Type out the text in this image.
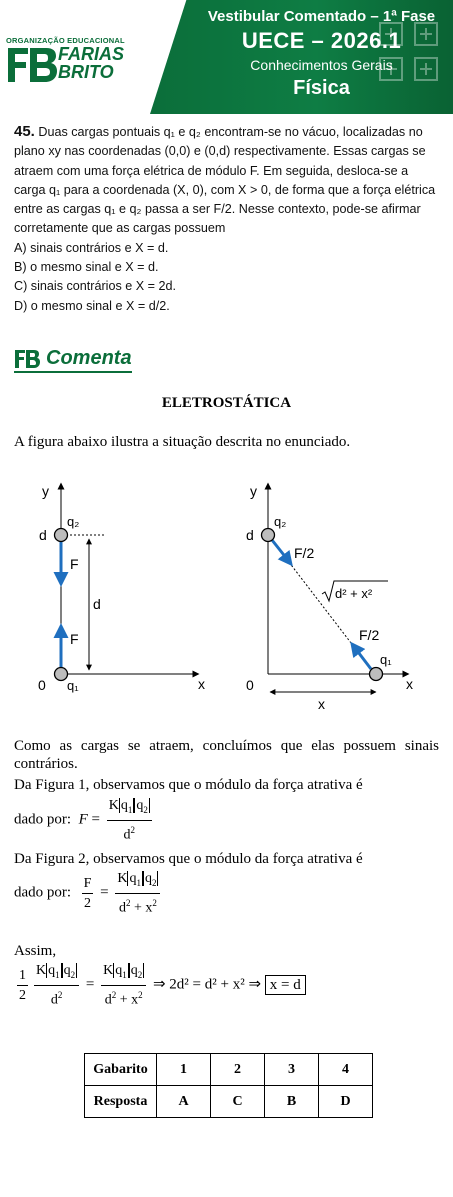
Vestibular Comentado – 1ª Fase
UECE – 2026.1
Conhecimentos Gerais
Física
ORGANIZAÇÃO EDUCACIONAL
FARIAS
BRITO
45. Duas cargas pontuais q₁ e q₂ encontram-se no vácuo, localizadas no plano xy nas coordenadas (0,0) e (0,d) respectivamente. Essas cargas se atraem com uma força elétrica de módulo F. Em seguida, desloca-se a carga q₁ para a coordenada (X, 0), com X > 0, de forma que a força elétrica entre as cargas q₁ e q₂ passa a ser F/2. Nesse contexto, pode-se afirmar corretamente que as cargas possuem
A) sinais contrários e X = d.
B) o mesmo sinal e X = d.
C) sinais contrários e X = 2d.
D) o mesmo sinal e X = d/2.
Comenta
ELETROSTÁTICA
A figura abaixo ilustra a situação descrita no enunciado.
y
x
0
d
d
F
F
q₂
q₁
y
x
0
d
F/2
F/2
d² + x²
x
q₂
q₁
Como as cargas se atraem, concluímos que elas possuem sinais contrários.
Da Figura 1, observamos que o módulo da força atrativa é
dado por: $F = \frac{K q_1 q_2}{d^2}$
Da Figura 2, observamos que o módulo da força atrativa é
dado por: $\frac{F}{2} = \frac{K q_1 q_2}{d^2 + x^2}$
Assim,
$\frac{1}{2} \frac{K q_1 q_2}{d^2} = \frac{K q_1 q_2}{d^2 + x^2}$ ⇒ 2d² = d² + x² ⇒ x = d
Gabarito	1	2	3	4
Resposta	A	C	B	D
